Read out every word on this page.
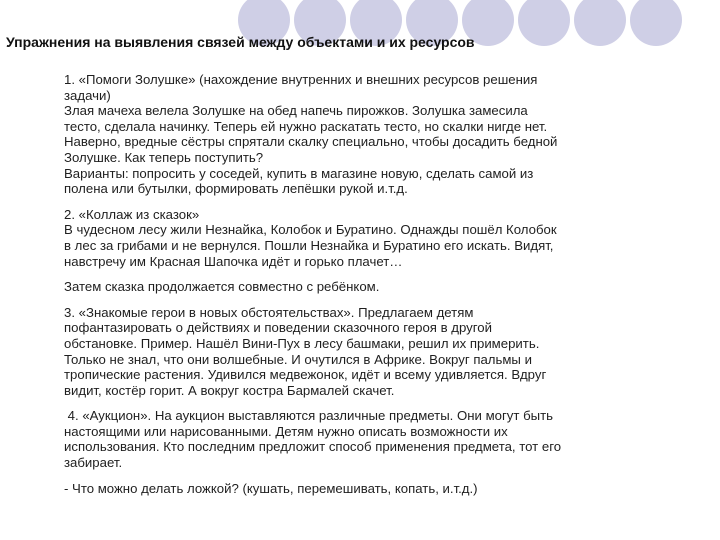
Упражнения на выявления связей между объектами и их ресурсов

1. «Помоги Золушке» (нахождение внутренних и внешних ресурсов решения
задачи)
Злая мачеха велела Золушке на обед напечь пирожков. Золушка замесила
тесто, сделала начинку. Теперь ей нужно раскатать тесто, но скалки нигде нет.
Наверно, вредные сёстры спрятали скалку специально, чтобы досадить бедной
Золушке. Как теперь поступить?
Варианты: попросить у соседей, купить в магазине новую, сделать самой из
полена или бутылки, формировать лепёшки рукой и.т.д.

2. «Коллаж из сказок»
В чудесном лесу жили Незнайка, Колобок и Буратино. Однажды пошёл Колобок
в лес за грибами и не вернулся. Пошли Незнайка и Буратино его искать. Видят,
навстречу им Красная Шапочка идёт и горько плачет…

Затем сказка продолжается совместно с ребёнком.

3. «Знакомые герои в новых обстоятельствах». Предлагаем детям
пофантазировать о действиях и поведении сказочного героя в другой
обстановке. Пример. Нашёл Вини-Пух в лесу башмаки, решил их примерить.
Только не знал, что они волшебные. И очутился в Африке. Вокруг пальмы и
тропические растения. Удивился медвежонок, идёт и всему удивляется. Вдруг
видит, костёр горит. А вокруг костра Бармалей скачет.

4. «Аукцион». На аукцион выставляются различные предметы. Они могут быть
настоящими или нарисованными. Детям нужно описать возможности их
использования. Кто последним предложит способ применения предмета, тот его
забирает.

- Что можно делать ложкой? (кушать, перемешивать, копать, и.т.д.)
